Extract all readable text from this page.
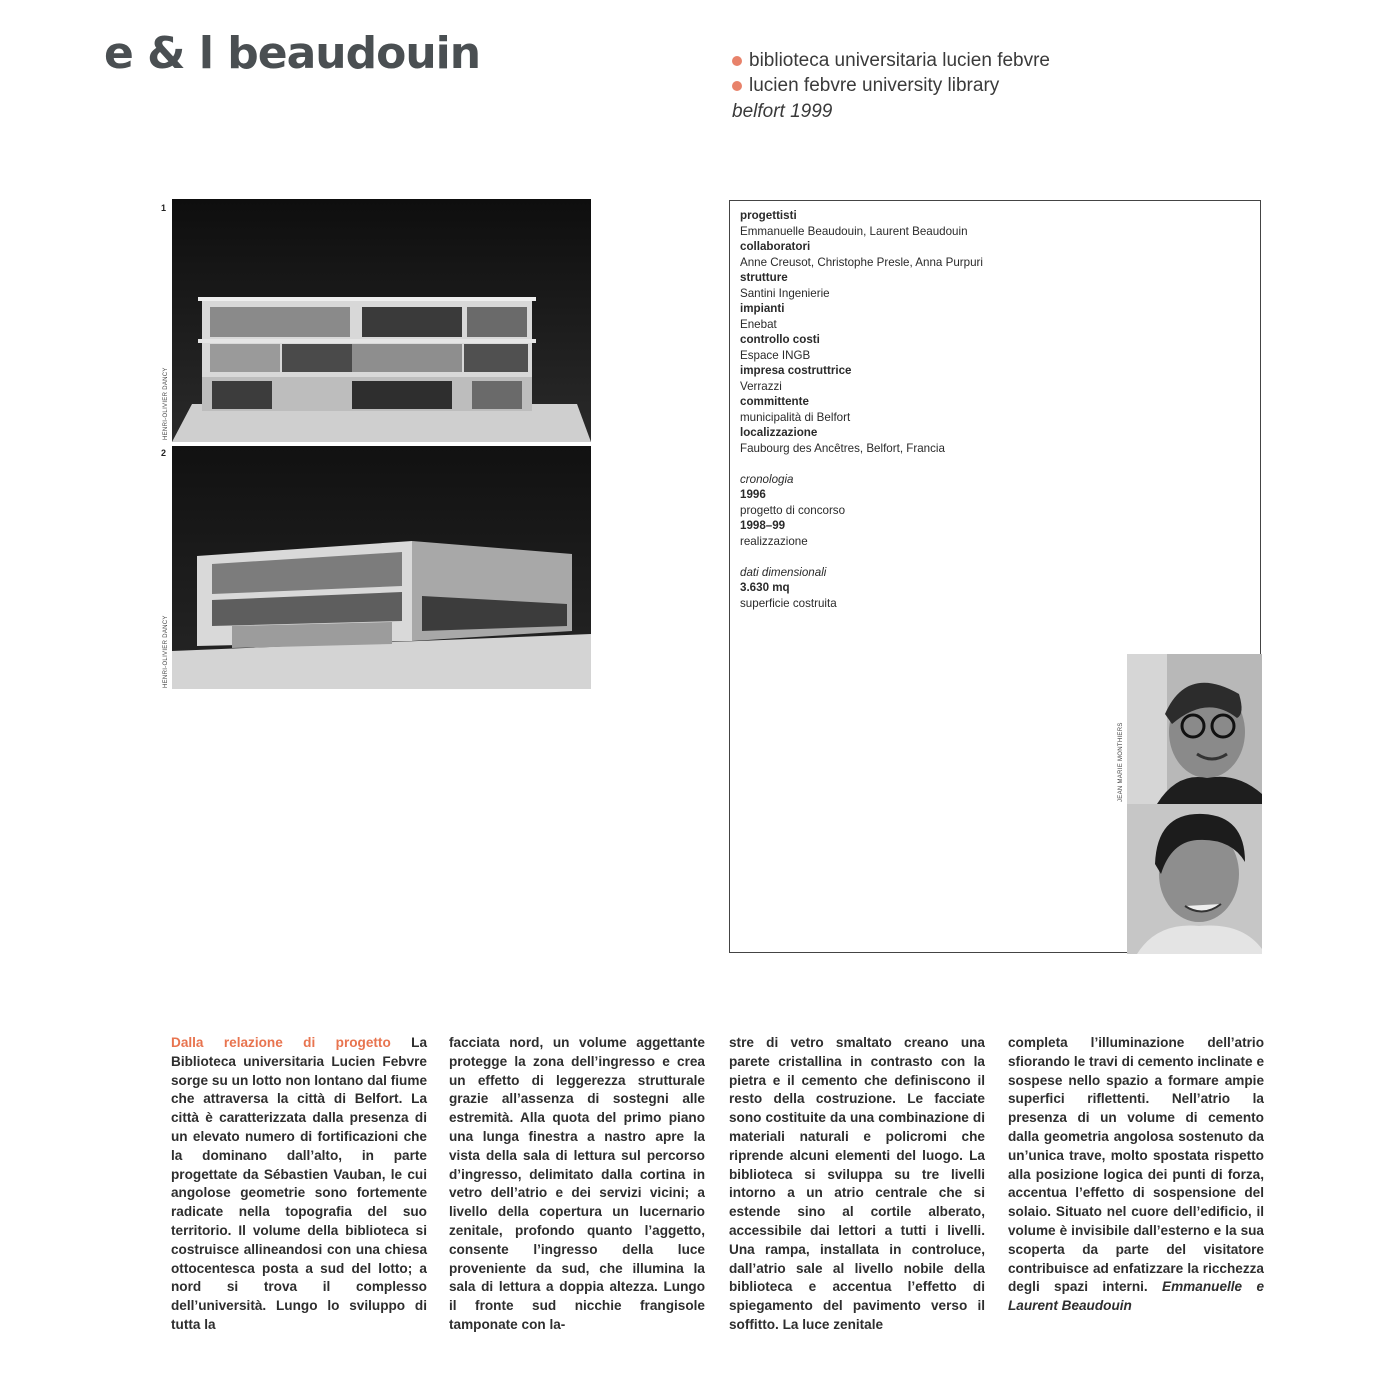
e & l beaudouin	biblioteca universitaria lucien febvre
lucien febvre university library
belfort 1999
1
HENRI-OLIVIER DANCY
2
HENRI-OLIVIER DANCY
progettisti
Emmanuelle Beaudouin, Laurent Beaudouin
collaboratori
Anne Creusot, Christophe Presle, Anna Purpuri
strutture
Santini Ingenierie
impianti
Enebat
controllo costi
Espace INGB
impresa costruttrice
Verrazzi
committente
municipalità di Belfort
localizzazione
Faubourg des Ancêtres, Belfort, Francia
cronologia
1996
progetto di concorso
1998–99
realizzazione
dati dimensionali
3.630 mq
superficie costruita
JEAN MARIE MONTHIERS
Dalla relazione di progetto La Biblioteca universitaria Lucien Febvre sorge su un lotto non lontano dal fiume che attraversa la città di Belfort. La città è caratterizzata dalla presenza di un elevato numero di fortificazioni che la dominano dall’alto, in parte progettate da Sébastien Vauban, le cui angolose geometrie sono fortemente radicate nella topografia del suo territorio. Il volume della biblioteca si costruisce allineandosi con una chiesa ottocentesca posta a sud del lotto; a nord si trova il complesso dell’università. Lungo lo sviluppo di tutta la
facciata nord, un volume aggettante protegge la zona dell’ingresso e crea un effetto di leggerezza strutturale grazie all’assenza di sostegni alle estremità. Alla quota del primo piano una lunga finestra a nastro apre la vista della sala di lettura sul percorso d’ingresso, delimitato dalla cortina in vetro dell’atrio e dei servizi vicini; a livello della copertura un lucernario zenitale, profondo quanto l’aggetto, consente l’ingresso della luce proveniente da sud, che illumina la sala di lettura a doppia altezza. Lungo il fronte sud nicchie frangisole tamponate con la-
stre di vetro smaltato creano una parete cristallina in contrasto con la pietra e il cemento che definiscono il resto della costruzione. Le facciate sono costituite da una combinazione di materiali naturali e policromi che riprende alcuni elementi del luogo. La biblioteca si sviluppa su tre livelli intorno a un atrio centrale che si estende sino al cortile alberato, accessibile dai lettori a tutti i livelli. Una rampa, installata in controluce, dall’atrio sale al livello nobile della biblioteca e accentua l’effetto di spiegamento del pavimento verso il soffitto. La luce zenitale
completa l’illuminazione dell’atrio sfiorando le travi di cemento inclinate e sospese nello spazio a formare ampie superfici riflettenti. Nell’atrio la presenza di un volume di cemento dalla geometria angolosa sostenuto da un’unica trave, molto spostata rispetto alla posizione logica dei punti di forza, accentua l’effetto di sospensione del solaio. Situato nel cuore dell’edificio, il volume è invisibile dall’esterno e la sua scoperta da parte del visitatore contribuisce ad enfatizzare la ricchezza degli spazi interni. Emmanuelle e Laurent Beaudouin
